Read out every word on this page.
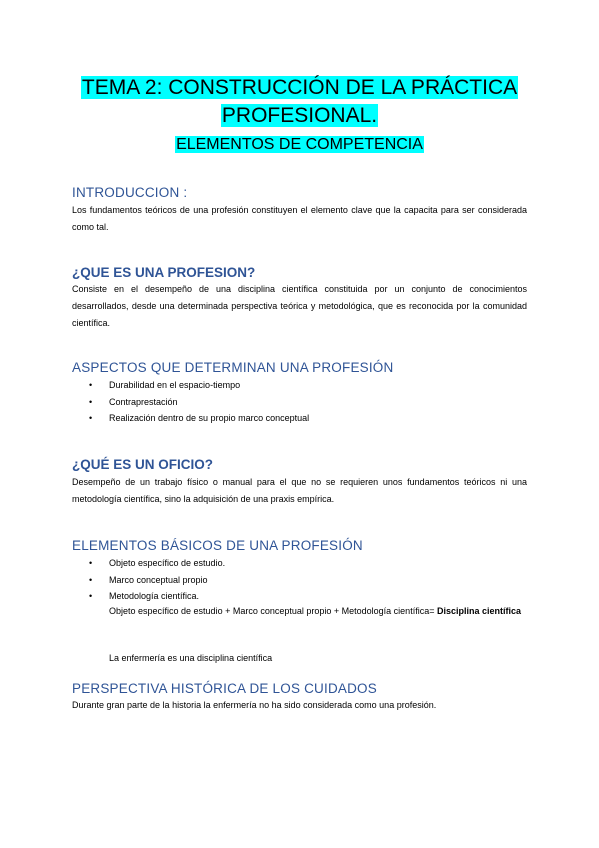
TEMA 2: CONSTRUCCIÓN DE LA PRÁCTICA
PROFESIONAL.
ELEMENTOS DE COMPETENCIA
INTRODUCCION :
Los fundamentos teóricos de una profesión constituyen el elemento clave que la capacita para ser considerada como tal.
¿QUE ES UNA PROFESION?
Consiste en el desempeño de una disciplina científica constituida por un conjunto de conocimientos desarrollados, desde una determinada perspectiva teórica y metodológica, que es reconocida por la comunidad científica.
ASPECTOS QUE DETERMINAN UNA PROFESIÓN
• Durabilidad en el espacio-tiempo
• Contraprestación
• Realización dentro de su propio marco conceptual
¿QUÉ ES UN OFICIO?
Desempeño de un trabajo físico o manual para el que no se requieren unos fundamentos teóricos ni una metodología científica, sino la adquisición de una praxis empírica.
ELEMENTOS BÁSICOS DE UNA PROFESIÓN
• Objeto específico de estudio.
• Marco conceptual propio
• Metodología científica.
Objeto específico de estudio + Marco conceptual propio + Metodología científica= Disciplina científica
La enfermería es una disciplina científica
PERSPECTIVA HISTÓRICA DE LOS CUIDADOS
Durante gran parte de la historia la enfermería no ha sido considerada como una profesión.
